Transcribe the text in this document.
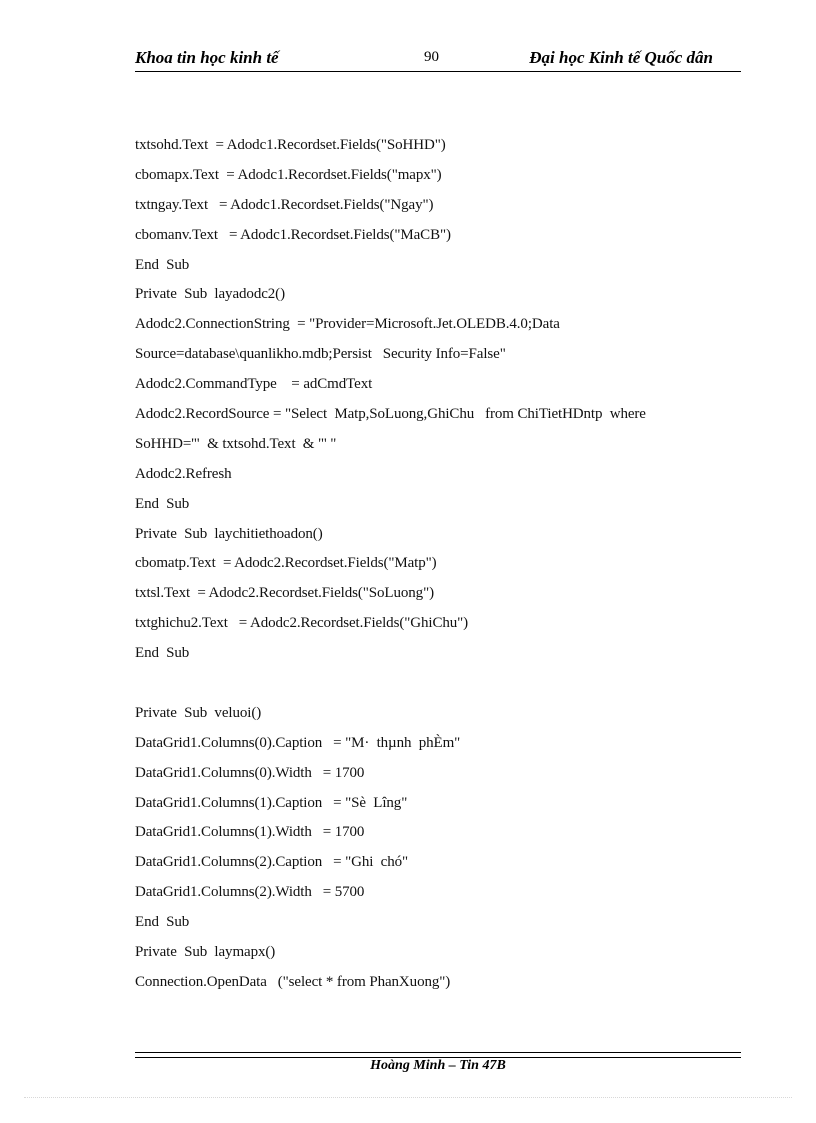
Khoa tin học kinh tế	90	Đại học Kinh tế Quốc dân
txtsohd.Text  = Adodc1.Recordset.Fields("SoHHD")
cbomapx.Text  = Adodc1.Recordset.Fields("mapx")
txtngay.Text   = Adodc1.Recordset.Fields("Ngay")
cbomanv.Text   = Adodc1.Recordset.Fields("MaCB")
End  Sub
Private  Sub  layadodc2()
Adodc2.ConnectionString  = "Provider=Microsoft.Jet.OLEDB.4.0;Data
Source=database\quanlikho.mdb;Persist   Security Info=False"
Adodc2.CommandType    = adCmdText
Adodc2.RecordSource = "Select  Matp,SoLuong,GhiChu   from ChiTietHDntp  where
SoHHD='"  & txtsohd.Text  & "' "
Adodc2.Refresh
End  Sub
Private  Sub  laychitiethoadon()
cbomatp.Text  = Adodc2.Recordset.Fields("Matp")
txtsl.Text  = Adodc2.Recordset.Fields("SoLuong")
txtghichu2.Text   = Adodc2.Recordset.Fields("GhiChu")
End  Sub
Private  Sub  veluoi()
DataGrid1.Columns(0).Caption   = "M·  thµnh  phÈm"
DataGrid1.Columns(0).Width   = 1700
DataGrid1.Columns(1).Caption   = "Sè  Lîng"
DataGrid1.Columns(1).Width   = 1700
DataGrid1.Columns(2).Caption   = "Ghi  chó"
DataGrid1.Columns(2).Width   = 5700
End  Sub
Private  Sub  laymapx()
Connection.OpenData   ("select * from PhanXuong")
Hoàng Minh – Tin 47B
